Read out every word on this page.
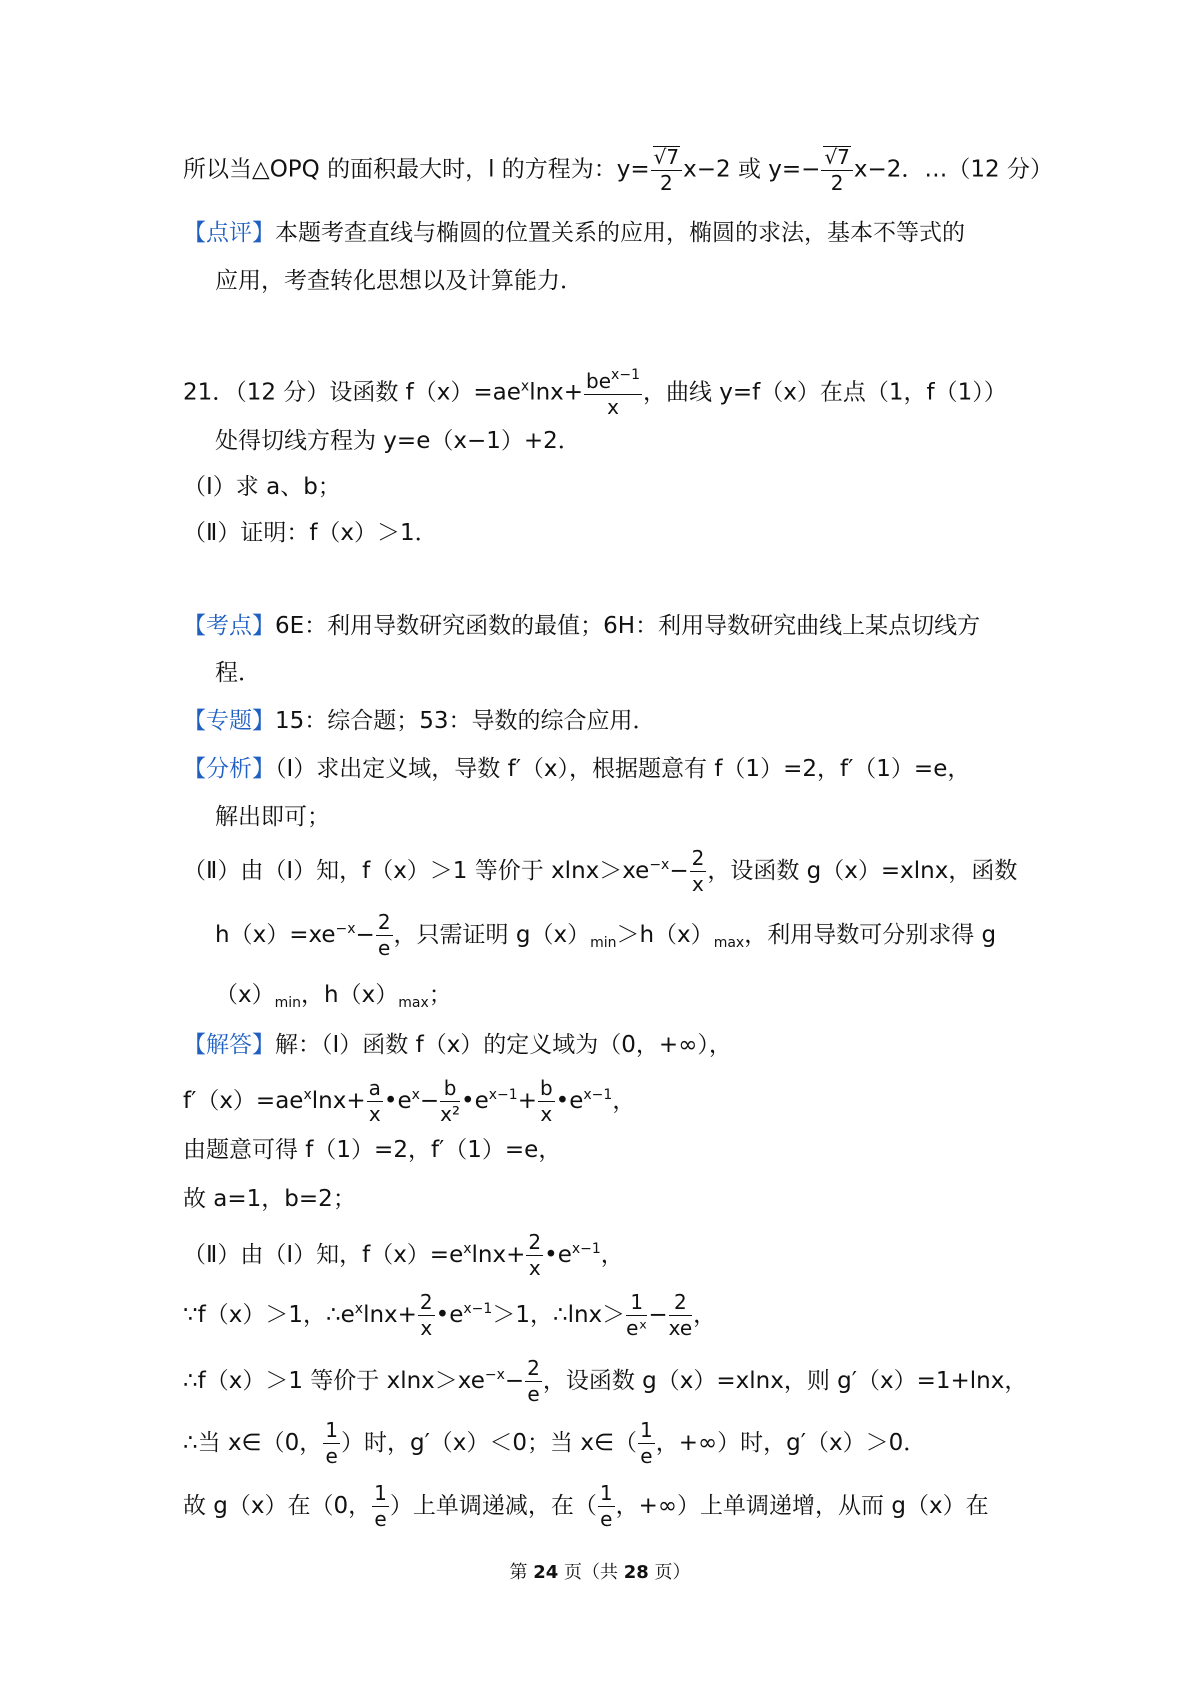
所以当△OPQ 的面积最大时，l 的方程为：$y= \frac{√7}{2} x-2$ 或 $y=- \frac{√7}{2} x-2$．…（12 分）
【点评】本题考查直线与椭圆的位置关系的应用，椭圆的求法，基本不等式的
应用，考查转化思想以及计算能力．
21．（12 分）设函数 $f(x)=ae^x\ln x+ \frac{be^{x-1}}{x}$ ，曲线 y=f（x）在点（1，f（1））
处得切线方程为 y=e（x−1）+2．
（Ⅰ）求 a、b；
（Ⅱ）证明：f（x）＞1．
【考点】6E：利用导数研究函数的最值；6H：利用导数研究曲线上某点切线方
程．
【专题】15：综合题；53：导数的综合应用．
【分析】（Ⅰ）求出定义域，导数 f′（x），根据题意有 f（1）=2，f′（1）=e，
解出即可；
（Ⅱ）由（Ⅰ）知，f（x）＞1 等价于 $xlnx>xe^{-x}- \frac{2}{x}$ ，设函数 g（x）=xlnx，函数
$h(x)=xe^{-x}- \frac{2}{e}$ ，只需证明 $g(x)_{min}>h(x)_{max}$，利用导数可分别求得 g
$(x)_{min}$，$h(x)_{max}$；
【解答】解：（Ⅰ）函数 f（x）的定义域为（0，+∞），
$f'(x)=ae^x\ln x+ \frac{a}{x}$ $•e^x- \frac{b}{\text{x²}}$ $•e^{x-1}+ \frac{b}{x}$ $•e^{x-1}$，
由题意可得 f（1）=2，f′（1）=e，
故 a=1，b=2；
（Ⅱ）由（Ⅰ）知，$f(x)=e^x\ln x+ \frac{2}{x}$ $•e^{x-1}$，
∵f（x）＞1，$\therefore e^x\ln x+ \frac{2}{x}$ $•e^{x-1}>1$，∴lnx＞ $\frac{1}{\text{eˣ}} - \frac{2}{xe}$ ，
∴f（x）＞1 等价于 $xlnx>xe^{-x}- \frac{2}{e}$ ，设函数 g（x）=xlnx，则 g′（x）=1+lnx，
∴当 x∈（0， $\frac{1}{e}$ ）时，g′（x）＜0；当 x∈（ $\frac{1}{e}$ ，+∞）时，g′（x）＞0．
故 g（x）在（0， $\frac{1}{e}$ ）上单调递减，在（ $\frac{1}{e}$ ，+∞）上单调递增，从而 g（x）在
第 24 页（共 28 页）
